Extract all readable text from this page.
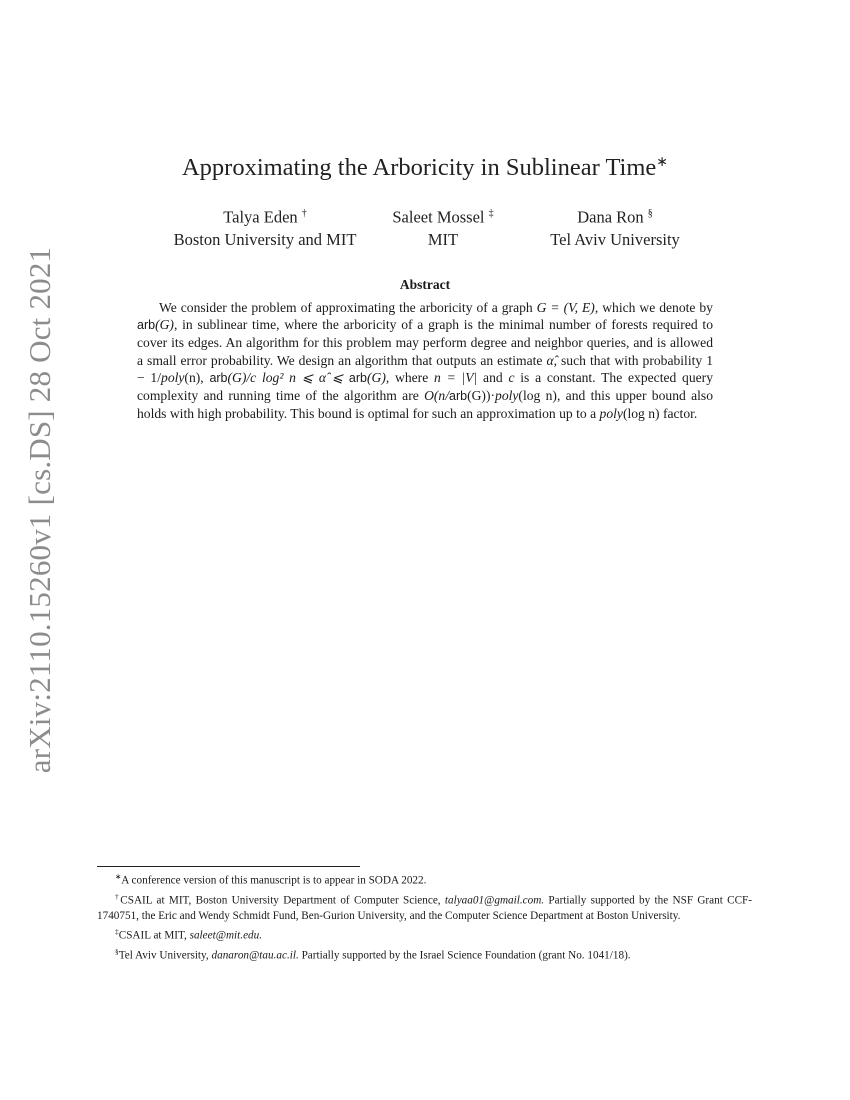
arXiv:2110.15260v1 [cs.DS] 28 Oct 2021
Approximating the Arboricity in Sublinear Time∗
Talya Eden †
Boston University and MIT
Saleet Mossel ‡
MIT
Dana Ron §
Tel Aviv University
Abstract

We consider the problem of approximating the arboricity of a graph G = (V, E), which we denote by arb(G), in sublinear time, where the arboricity of a graph is the minimal number of forests required to cover its edges. An algorithm for this problem may perform degree and neighbor queries, and is allowed a small error probability. We design an algorithm that outputs an estimate α̂, such that with probability 1 − 1/poly(n), arb(G)/c log² n ⩽ α̂ ⩽ arb(G), where n = |V| and c is a constant. The expected query complexity and running time of the algorithm are O(n/arb(G))·poly(log n), and this upper bound also holds with high probability. This bound is optimal for such an approximation up to a poly(log n) factor.

∗A conference version of this manuscript is to appear in SODA 2022.

†CSAIL at MIT, Boston University Department of Computer Science, talyaa01@gmail.com. Partially supported by the NSF Grant CCF-1740751, the Eric and Wendy Schmidt Fund, Ben-Gurion University, and the Computer Science Department at Boston University.

‡CSAIL at MIT, saleet@mit.edu.

§Tel Aviv University, danaron@tau.ac.il. Partially supported by the Israel Science Foundation (grant No. 1041/18).
